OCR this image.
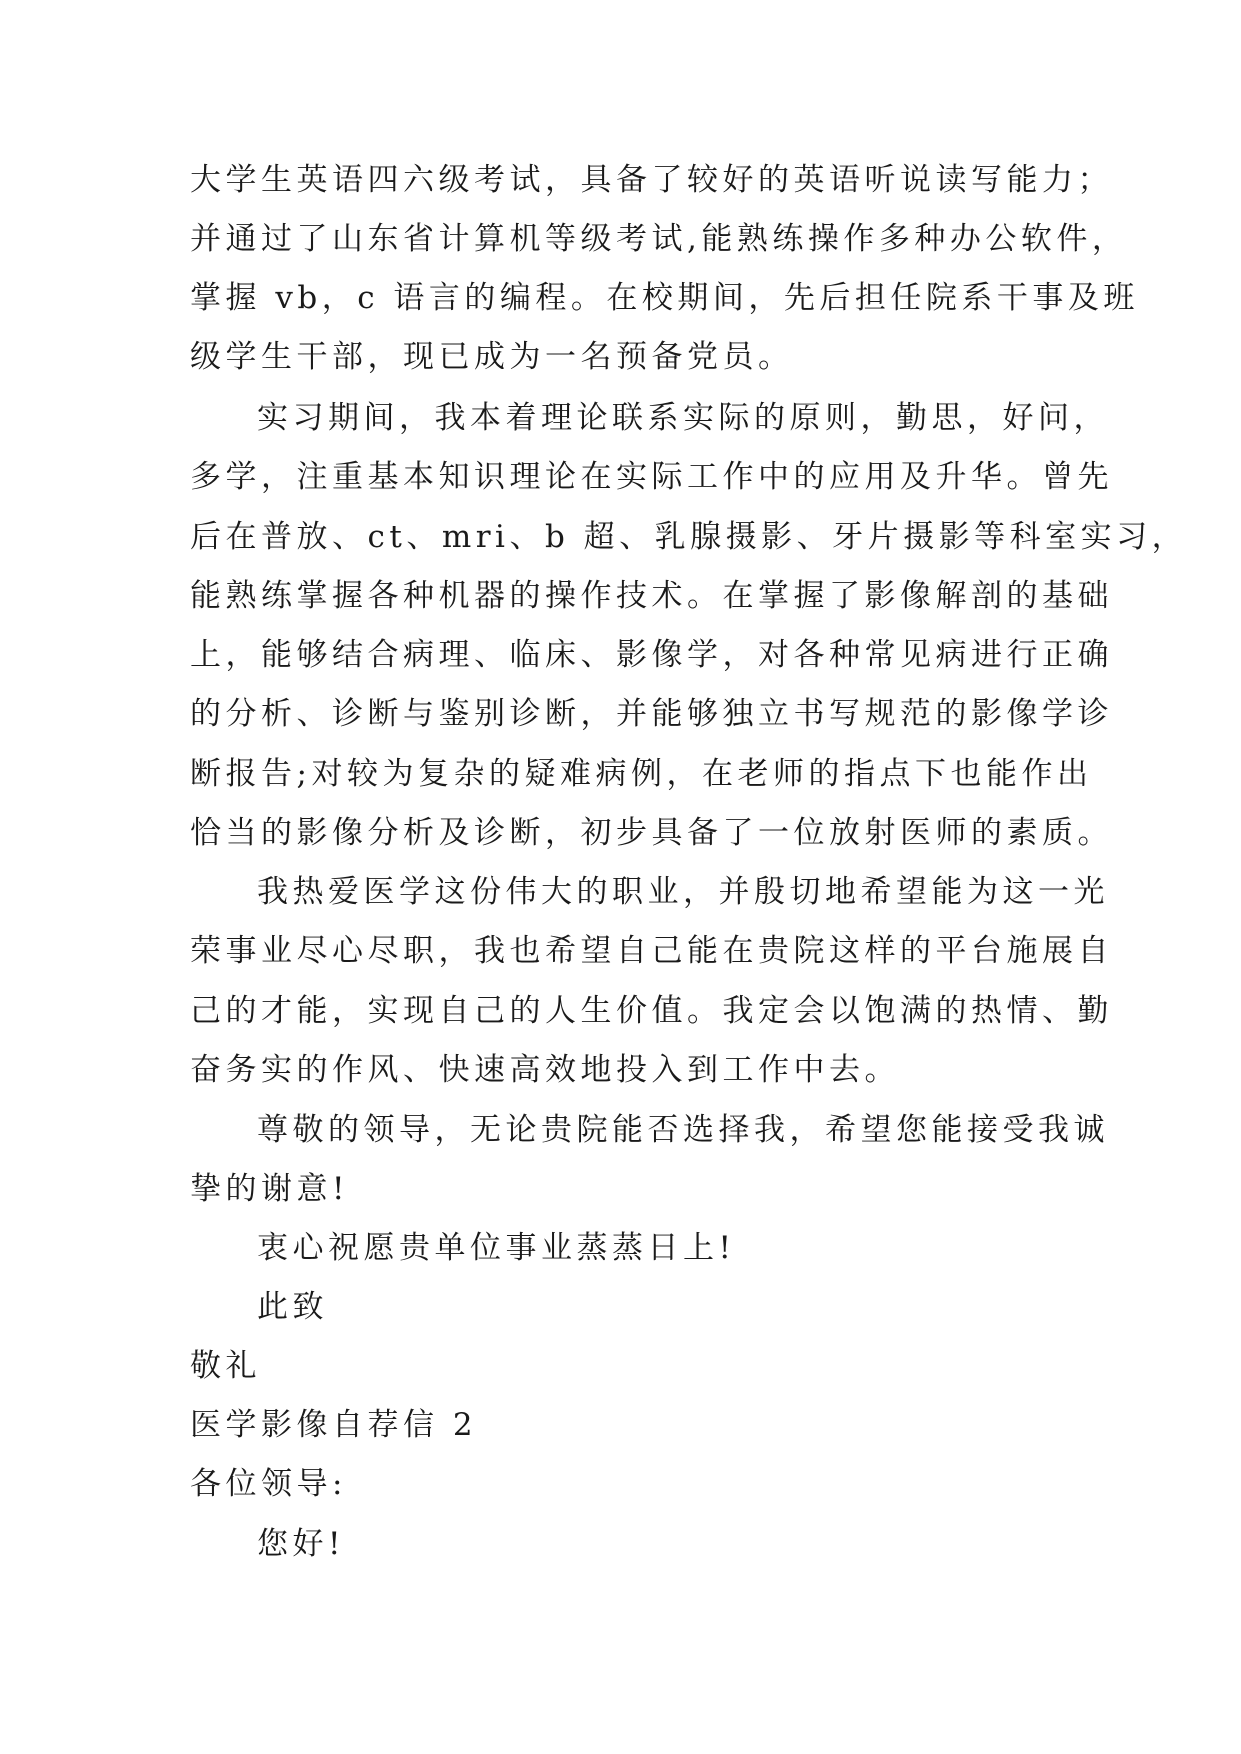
大学生英语四六级考试，具备了较好的英语听说读写能力；
并通过了山东省计算机等级考试,能熟练操作多种办公软件，
掌握 vb，c 语言的编程。在校期间，先后担任院系干事及班
级学生干部，现已成为一名预备党员。
实习期间，我本着理论联系实际的原则，勤思，好问，
多学，注重基本知识理论在实际工作中的应用及升华。曾先
后在普放、ct、mri、b 超、乳腺摄影、牙片摄影等科室实习，
能熟练掌握各种机器的操作技术。在掌握了影像解剖的基础
上，能够结合病理、临床、影像学，对各种常见病进行正确
的分析、诊断与鉴别诊断，并能够独立书写规范的影像学诊
断报告;对较为复杂的疑难病例，在老师的指点下也能作出
恰当的影像分析及诊断，初步具备了一位放射医师的素质。
我热爱医学这份伟大的职业，并殷切地希望能为这一光
荣事业尽心尽职，我也希望自己能在贵院这样的平台施展自
己的才能，实现自己的人生价值。我定会以饱满的热情、勤
奋务实的作风、快速高效地投入到工作中去。
尊敬的领导，无论贵院能否选择我，希望您能接受我诚
挚的谢意!
衷心祝愿贵单位事业蒸蒸日上!
此致
敬礼
医学影像自荐信 2
各位领导:
您好!
